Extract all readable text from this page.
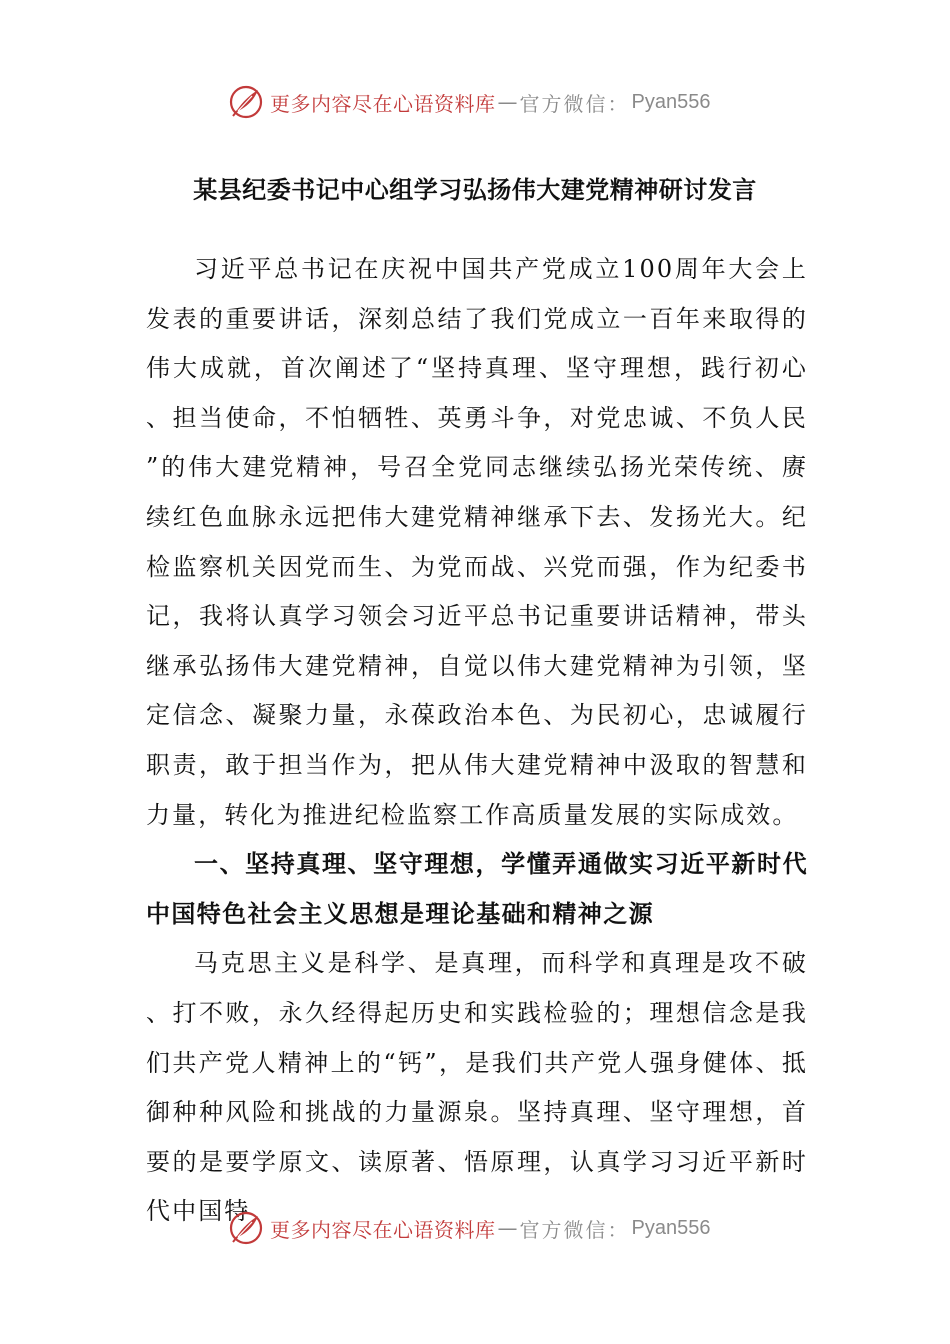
更多内容尽在心语资料库 — 官方微信： Pyan556
某县纪委书记中心组学习弘扬伟大建党精神研讨发言

习近平总书记在庆祝中国共产党成立100周年大会上发表的重要讲话，深刻总结了我们党成立一百年来取得的伟大成就，首次阐述了“坚持真理、坚守理想，践行初心、担当使命，不怕牺牲、英勇斗争，对党忠诚、不负人民”的伟大建党精神，号召全党同志继续弘扬光荣传统、赓续红色血脉永远把伟大建党精神继承下去、发扬光大。纪检监察机关因党而生、为党而战、兴党而强，作为纪委书记，我将认真学习领会习近平总书记重要讲话精神，带头继承弘扬伟大建党精神，自觉以伟大建党精神为引领，坚定信念、凝聚力量，永葆政治本色、为民初心，忠诚履行职责，敢于担当作为，把从伟大建党精神中汲取的智慧和力量，转化为推进纪检监察工作高质量发展的实际成效。

一、坚持真理、坚守理想，学懂弄通做实习近平新时代中国特色社会主义思想是理论基础和精神之源

马克思主义是科学、是真理，而科学和真理是攻不破、打不败，永久经得起历史和实践检验的；理想信念是我们共产党人精神上的“钙”，是我们共产党人强身健体、抵御种种风险和挑战的力量源泉。坚持真理、坚守理想，首要的是要学原文、读原著、悟原理，认真学习习近平新时代中国特

更多内容尽在心语资料库 — 官方微信： Pyan556
